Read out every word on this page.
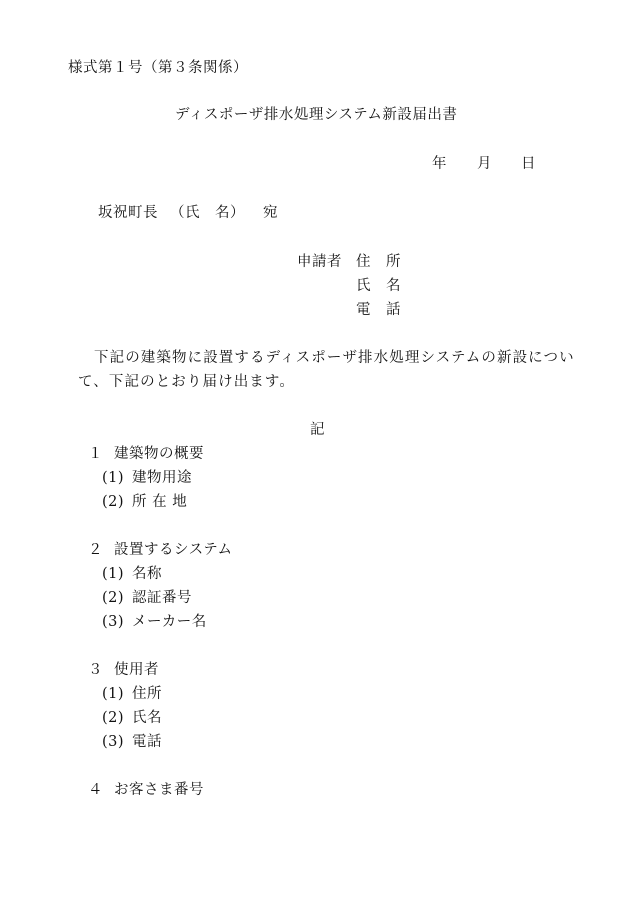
様式第１号（第３条関係）
ディスポーザ排水処理システム新設届出書
年 月 日
坂祝町長 （氏　名） 宛
申請者 住　所
氏　名
電　話
下記の建築物に設置するディスポーザ排水処理システムの新設につい
て、下記のとおり届け出ます。
記
１ 建築物の概要
(1) 建物用途
(2) 所 在 地
２ 設置するシステム
(1) 名称
(2) 認証番号
(3) メーカー名
３ 使用者
(1) 住所
(2) 氏名
(3) 電話
４ お客さま番号
